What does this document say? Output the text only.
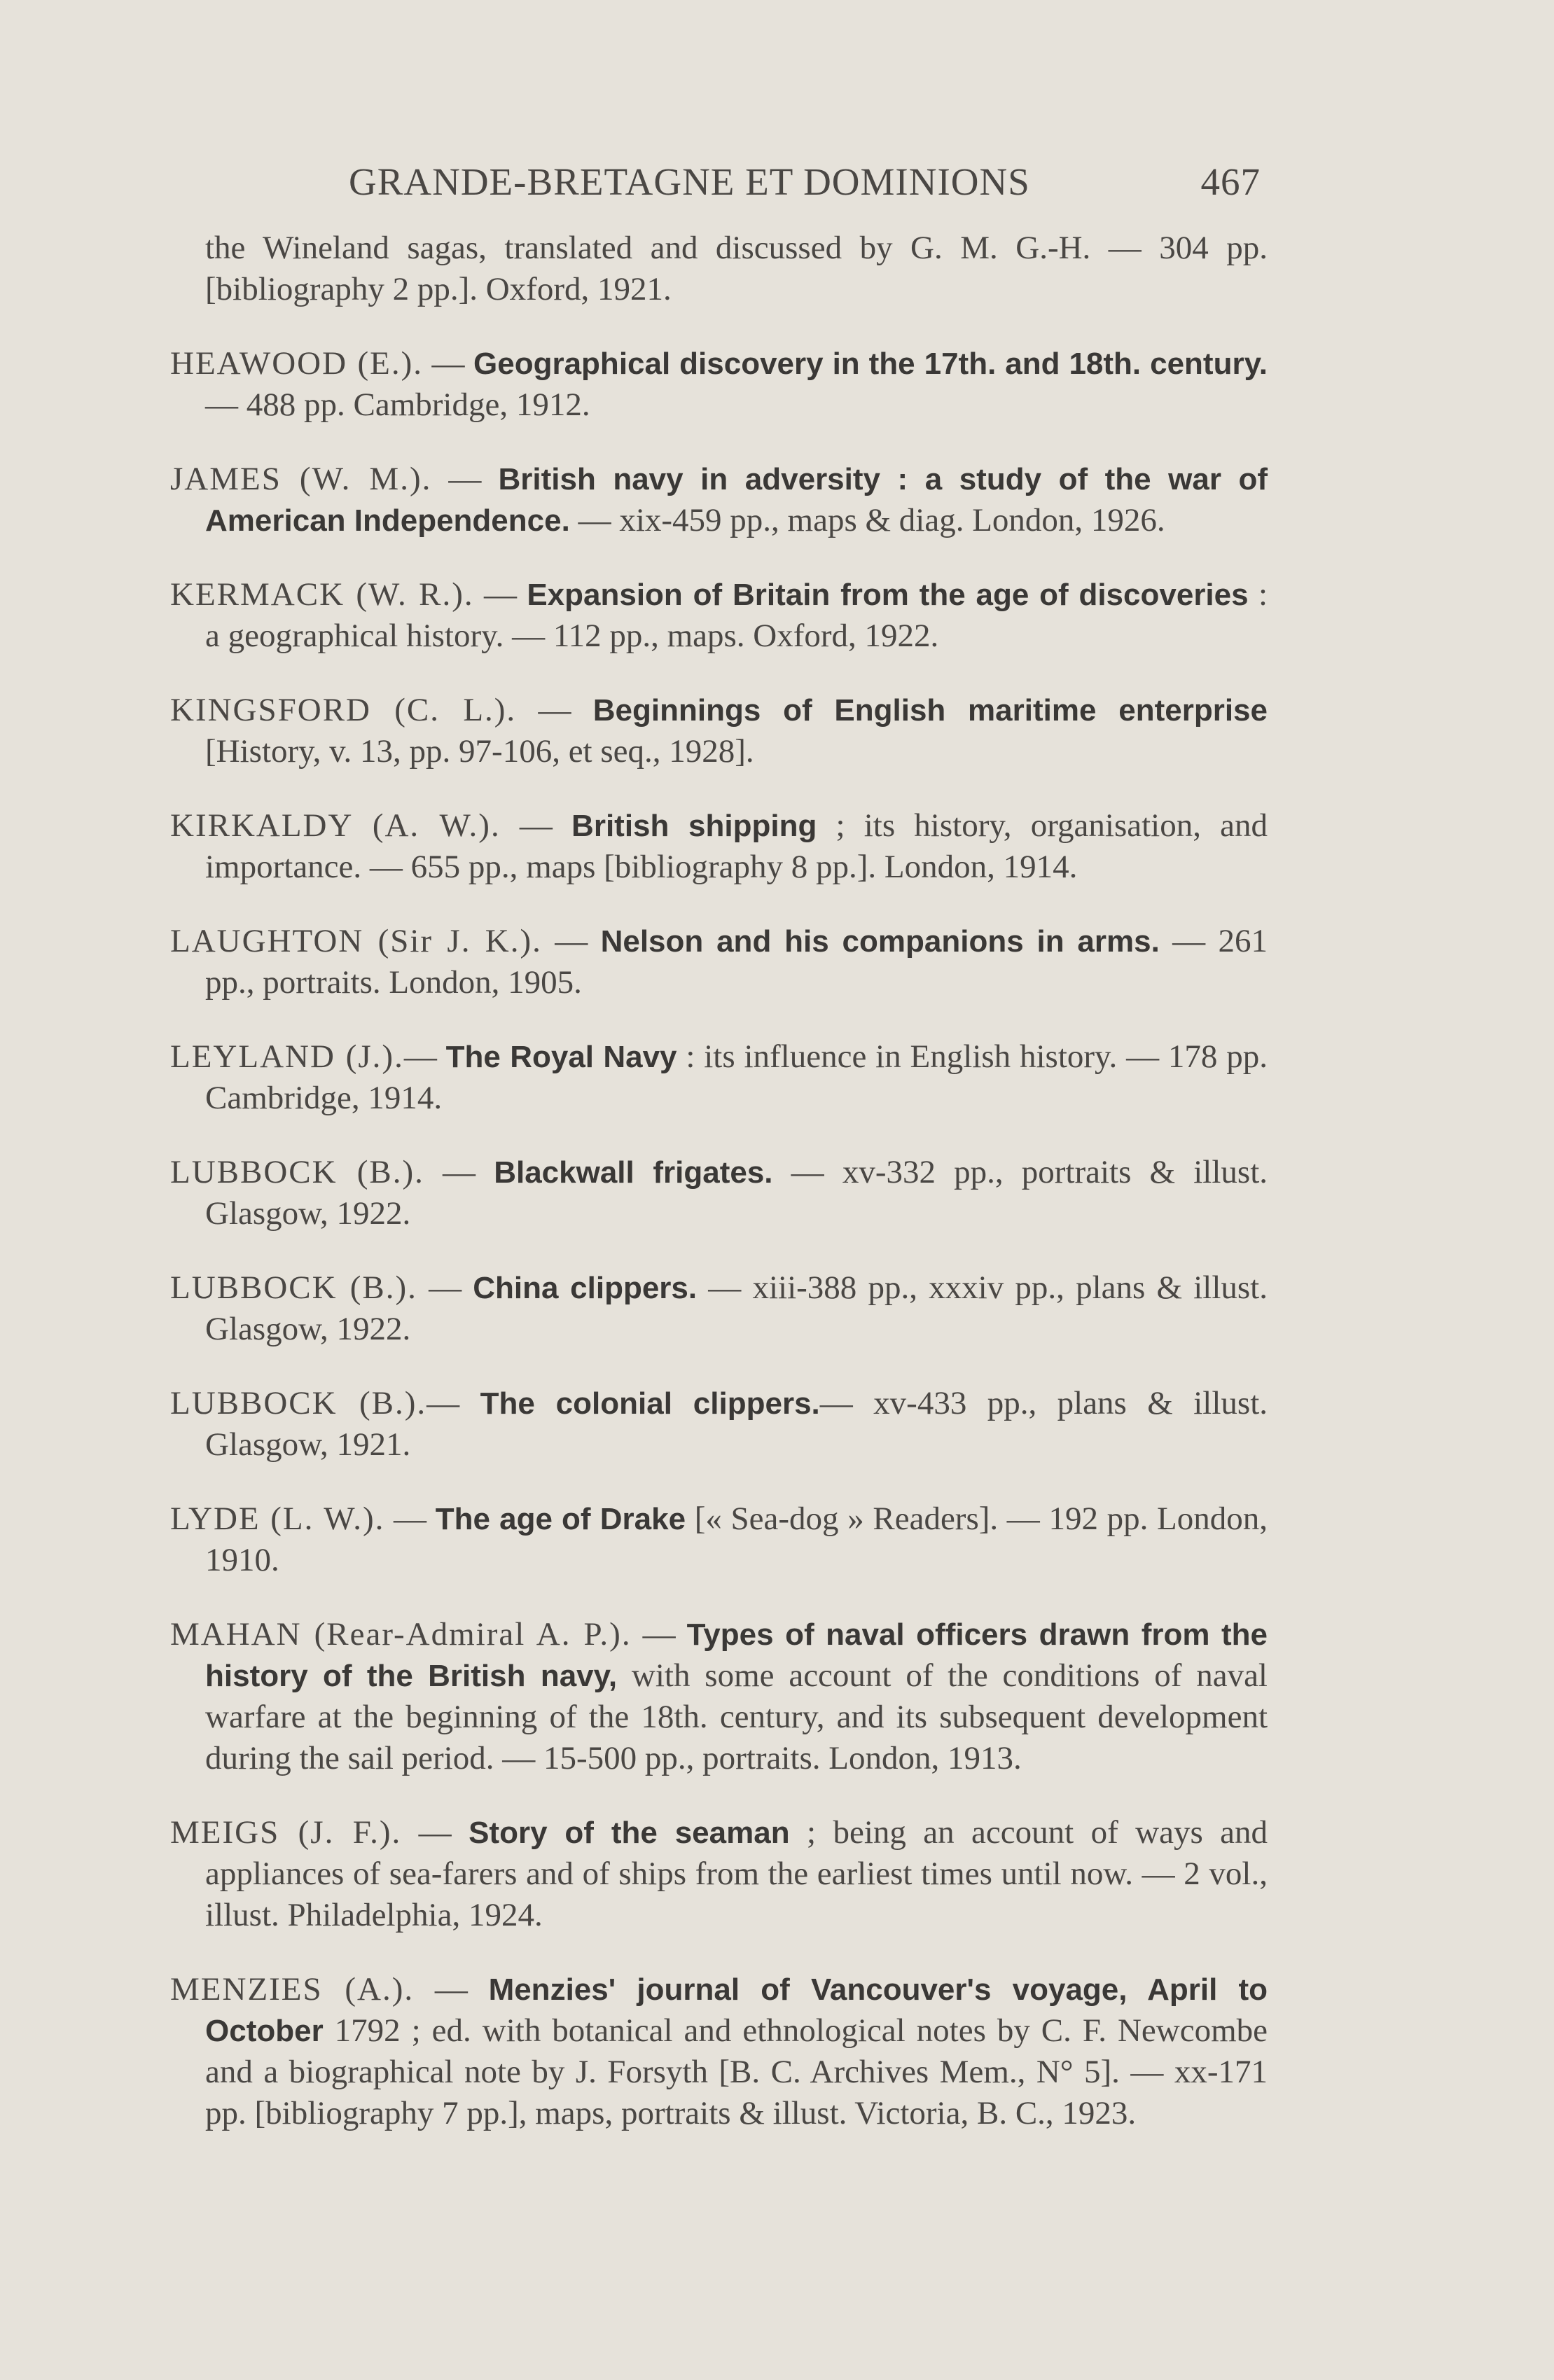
GRANDE-BRETAGNE ET DOMINIONS	467

the Wineland sagas, translated and discussed by G. M. G.-H. — 304 pp. [bibliography 2 pp.]. Oxford, 1921.

HEAWOOD (E.). — Geographical discovery in the 17th. and 18th. century. — 488 pp. Cambridge, 1912.

JAMES (W. M.). — British navy in adversity : a study of the war of American Independence. — xix-459 pp., maps & diag. London, 1926.

KERMACK (W. R.). — Expansion of Britain from the age of discoveries : a geographical history. — 112 pp., maps. Oxford, 1922.

KINGSFORD (C. L.). — Beginnings of English maritime enterprise [History, v. 13, pp. 97-106, et seq., 1928].

KIRKALDY (A. W.). — British shipping ; its history, organisation, and importance. — 655 pp., maps [bibliography 8 pp.]. London, 1914.

LAUGHTON (Sir J. K.). — Nelson and his companions in arms. — 261 pp., portraits. London, 1905.

LEYLAND (J.).— The Royal Navy : its influence in English history. — 178 pp. Cambridge, 1914.

LUBBOCK (B.). — Blackwall frigates. — xv-332 pp., portraits & illust. Glasgow, 1922.

LUBBOCK (B.). — China clippers. — xiii-388 pp., xxxiv pp., plans & illust. Glasgow, 1922.

LUBBOCK (B.).— The colonial clippers.— xv-433 pp., plans & illust. Glasgow, 1921.

LYDE (L. W.). — The age of Drake [« Sea-dog » Readers]. — 192 pp. London, 1910.

MAHAN (Rear-Admiral A. P.). — Types of naval officers drawn from the history of the British navy, with some account of the conditions of naval warfare at the beginning of the 18th. century, and its subsequent development during the sail period. — 15-500 pp., portraits. London, 1913.

MEIGS (J. F.). — Story of the seaman ; being an account of ways and appliances of sea-farers and of ships from the earliest times until now. — 2 vol., illust. Philadelphia, 1924.

MENZIES (A.). — Menzies' journal of Vancouver's voyage, April to October 1792 ; ed. with botanical and ethnological notes by C. F. Newcombe and a biographical note by J. Forsyth [B. C. Archives Mem., N° 5]. — xx-171 pp. [bibliography 7 pp.], maps, portraits & illust. Victoria, B. C., 1923.
